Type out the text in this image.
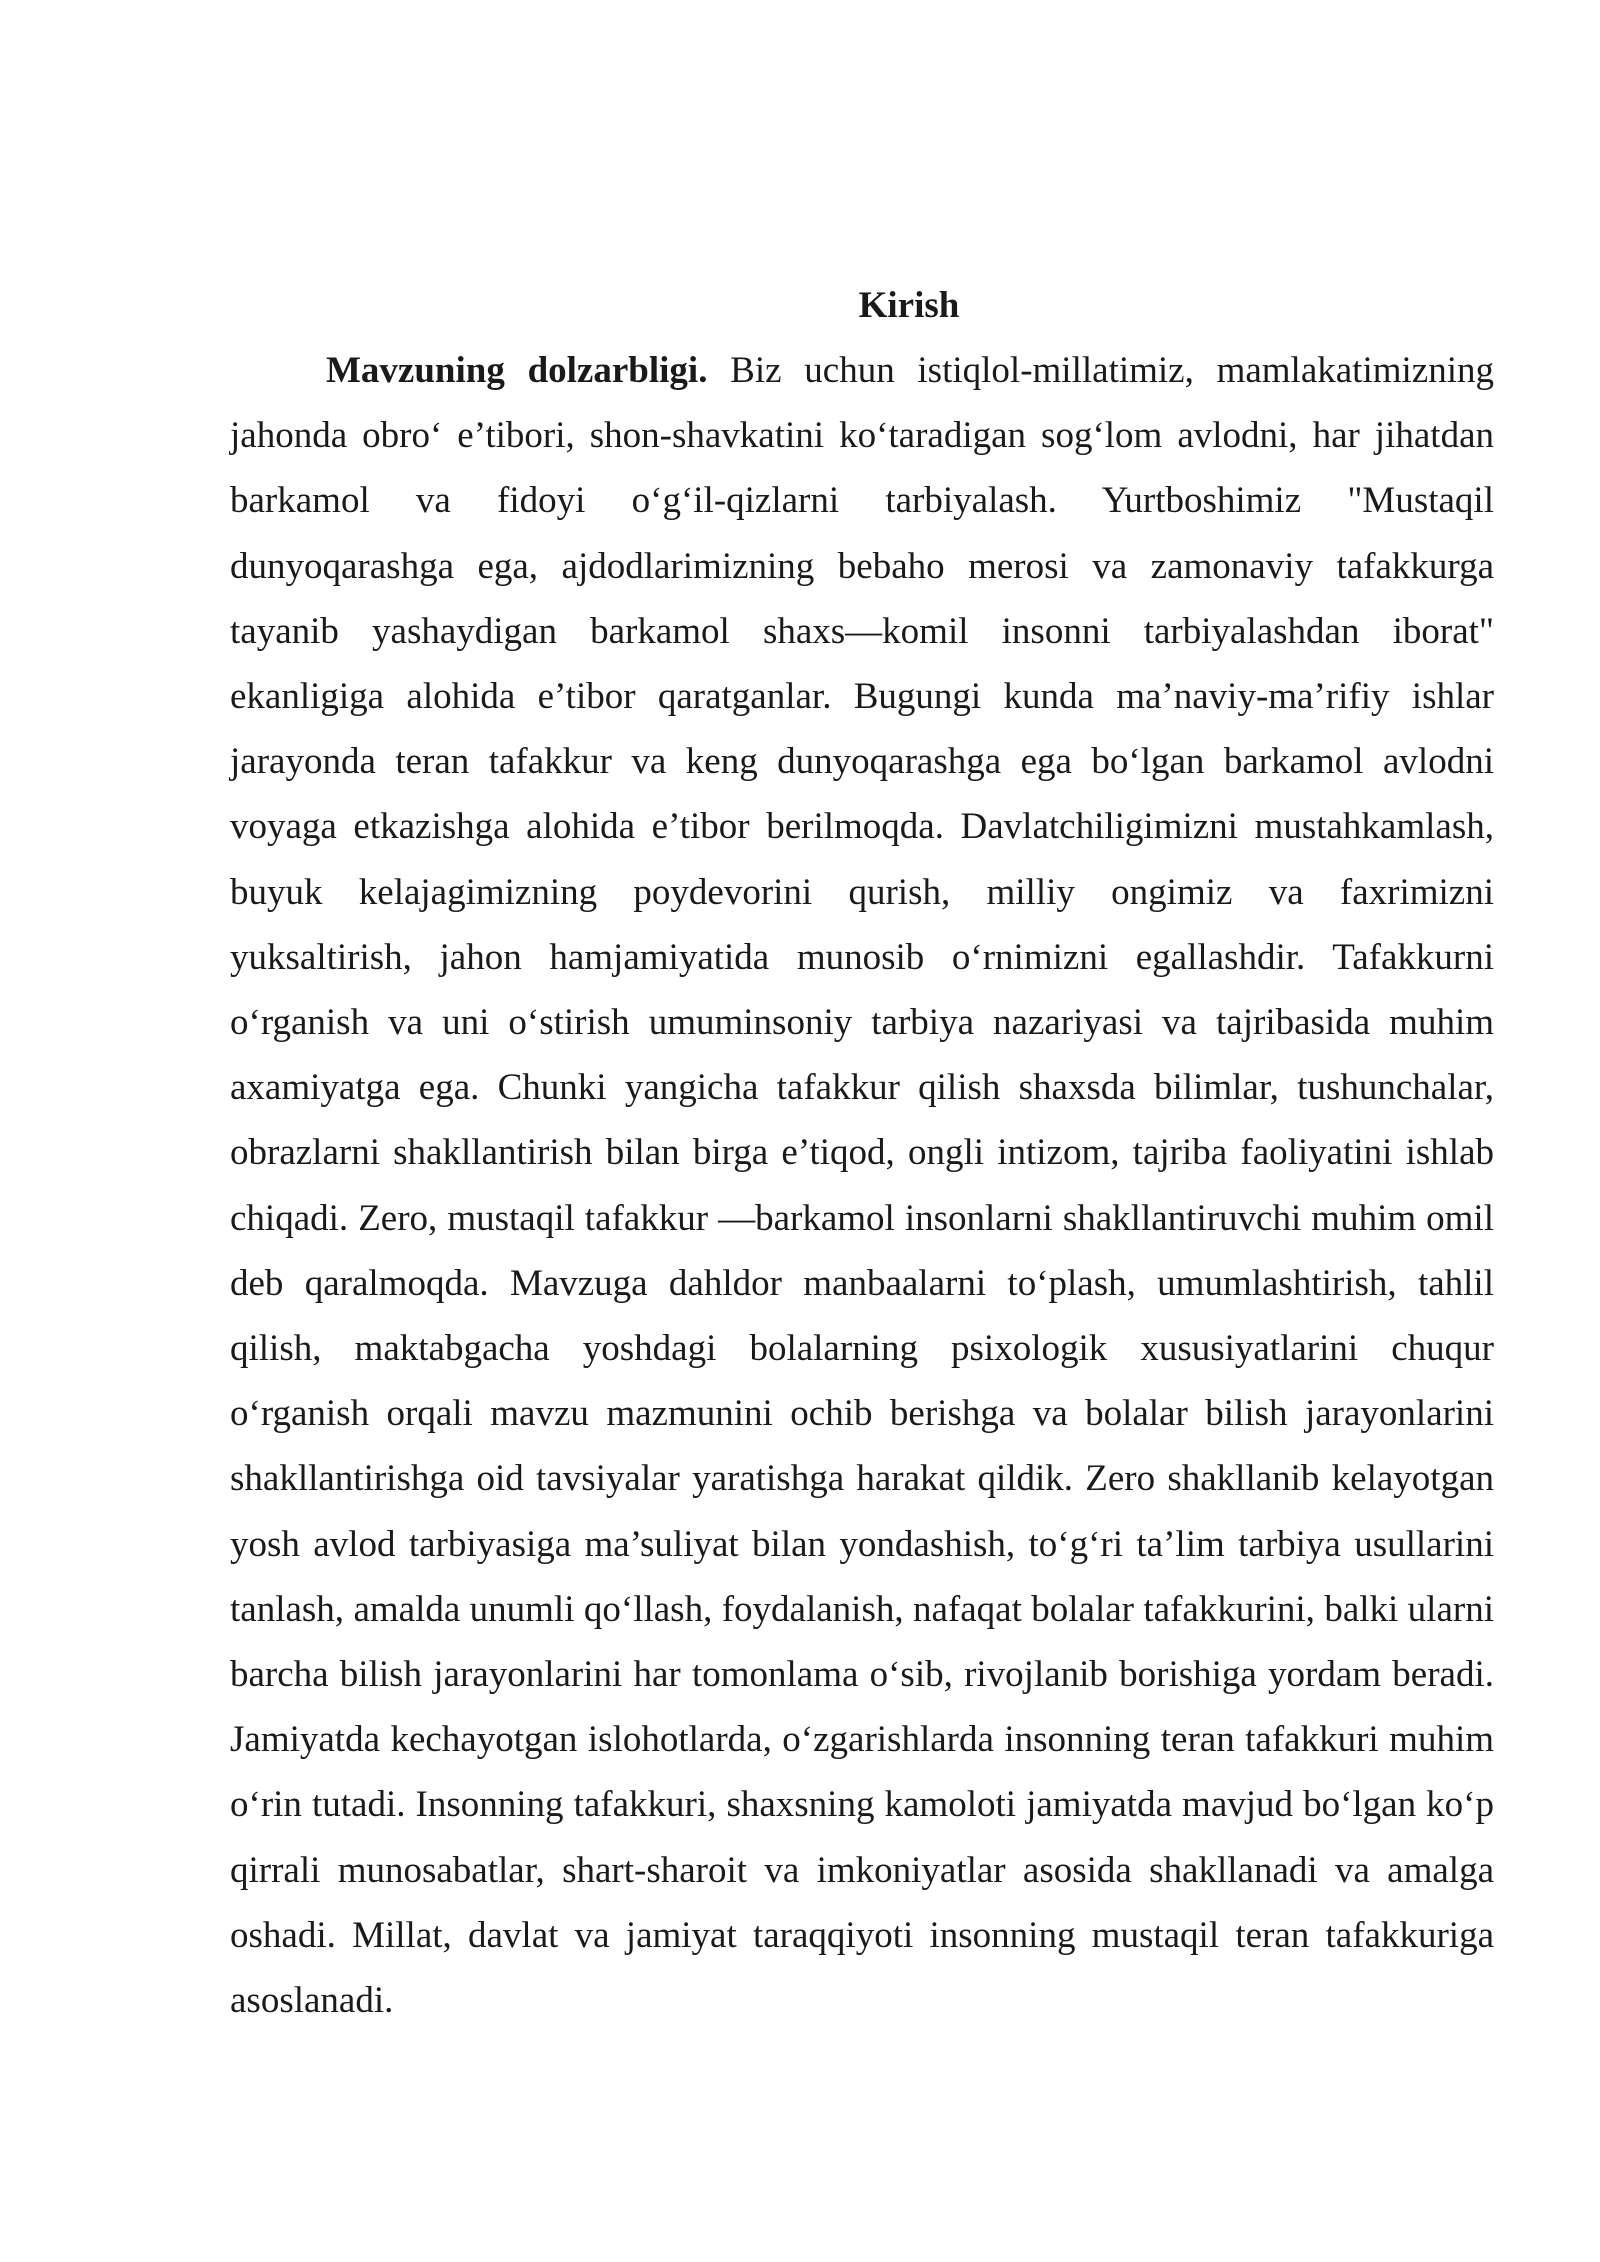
Kirish

Mavzuning dolzarbligi. Biz uchun istiqlol-millatimiz, mamlakatimizning jahonda obro‘ e’tibori, shon-shavkatini ko‘taradigan sog‘lom avlodni, har jihatdan barkamol va fidoyi o‘g‘il-qizlarni tarbiyalash. Yurtboshimiz "Mustaqil dunyoqarashga ega, ajdodlarimizning bebaho merosi va zamonaviy tafakkurga tayanib yashaydigan barkamol shaxs—komil insonni tarbiyalashdan iborat" ekanligiga alohida e’tibor qaratganlar. Bugungi kunda ma’naviy-ma’rifiy ishlar jarayonda teran tafakkur va keng dunyoqarashga ega bo‘lgan barkamol avlodni voyaga etkazishga alohida e’tibor berilmoqda. Davlatchiligimizni mustahkamlash, buyuk kelajagimizning poydevorini qurish, milliy ongimiz va faxrimizni yuksaltirish, jahon hamjamiyatida munosib o‘rnimizni egallashdir. Tafakkurni o‘rganish va uni o‘stirish umuminsoniy tarbiya nazariyasi va tajribasida muhim axamiyatga ega. Chunki yangicha tafakkur qilish shaxsda bilimlar, tushunchalar, obrazlarni shakllantirish bilan birga e’tiqod, ongli intizom, tajriba faoliyatini ishlab chiqadi. Zero, mustaqil tafakkur —barkamol insonlarni shakllantiruvchi muhim omil deb qaralmoqda. Mavzuga dahldor manbaalarni to‘plash, umumlashtirish, tahlil qilish, maktabgacha yoshdagi bolalarning psixologik xususiyatlarini chuqur o‘rganish orqali mavzu mazmunini ochib berishga va bolalar bilish jarayonlarini shakllantirishga oid tavsiyalar yaratishga harakat qildik. Zero shakllanib kelayotgan yosh avlod tarbiyasiga ma’suliyat bilan yondashish, to‘g‘ri ta’lim tarbiya usullarini tanlash, amalda unumli qo‘llash, foydalanish, nafaqat bolalar tafakkurini, balki ularni barcha bilish jarayonlarini har tomonlama o‘sib, rivojlanib borishiga yordam beradi. Jamiyatda kechayotgan islohotlarda, o‘zgarishlarda insonning teran tafakkuri muhim o‘rin tutadi. Insonning tafakkuri, shaxsning kamoloti jamiyatda mavjud bo‘lgan ko‘p qirrali munosabatlar, shart-sharoit va imkoniyatlar asosida shakllanadi va amalga oshadi. Millat, davlat va jamiyat taraqqiyoti insonning mustaqil teran tafakkuriga asoslanadi.
